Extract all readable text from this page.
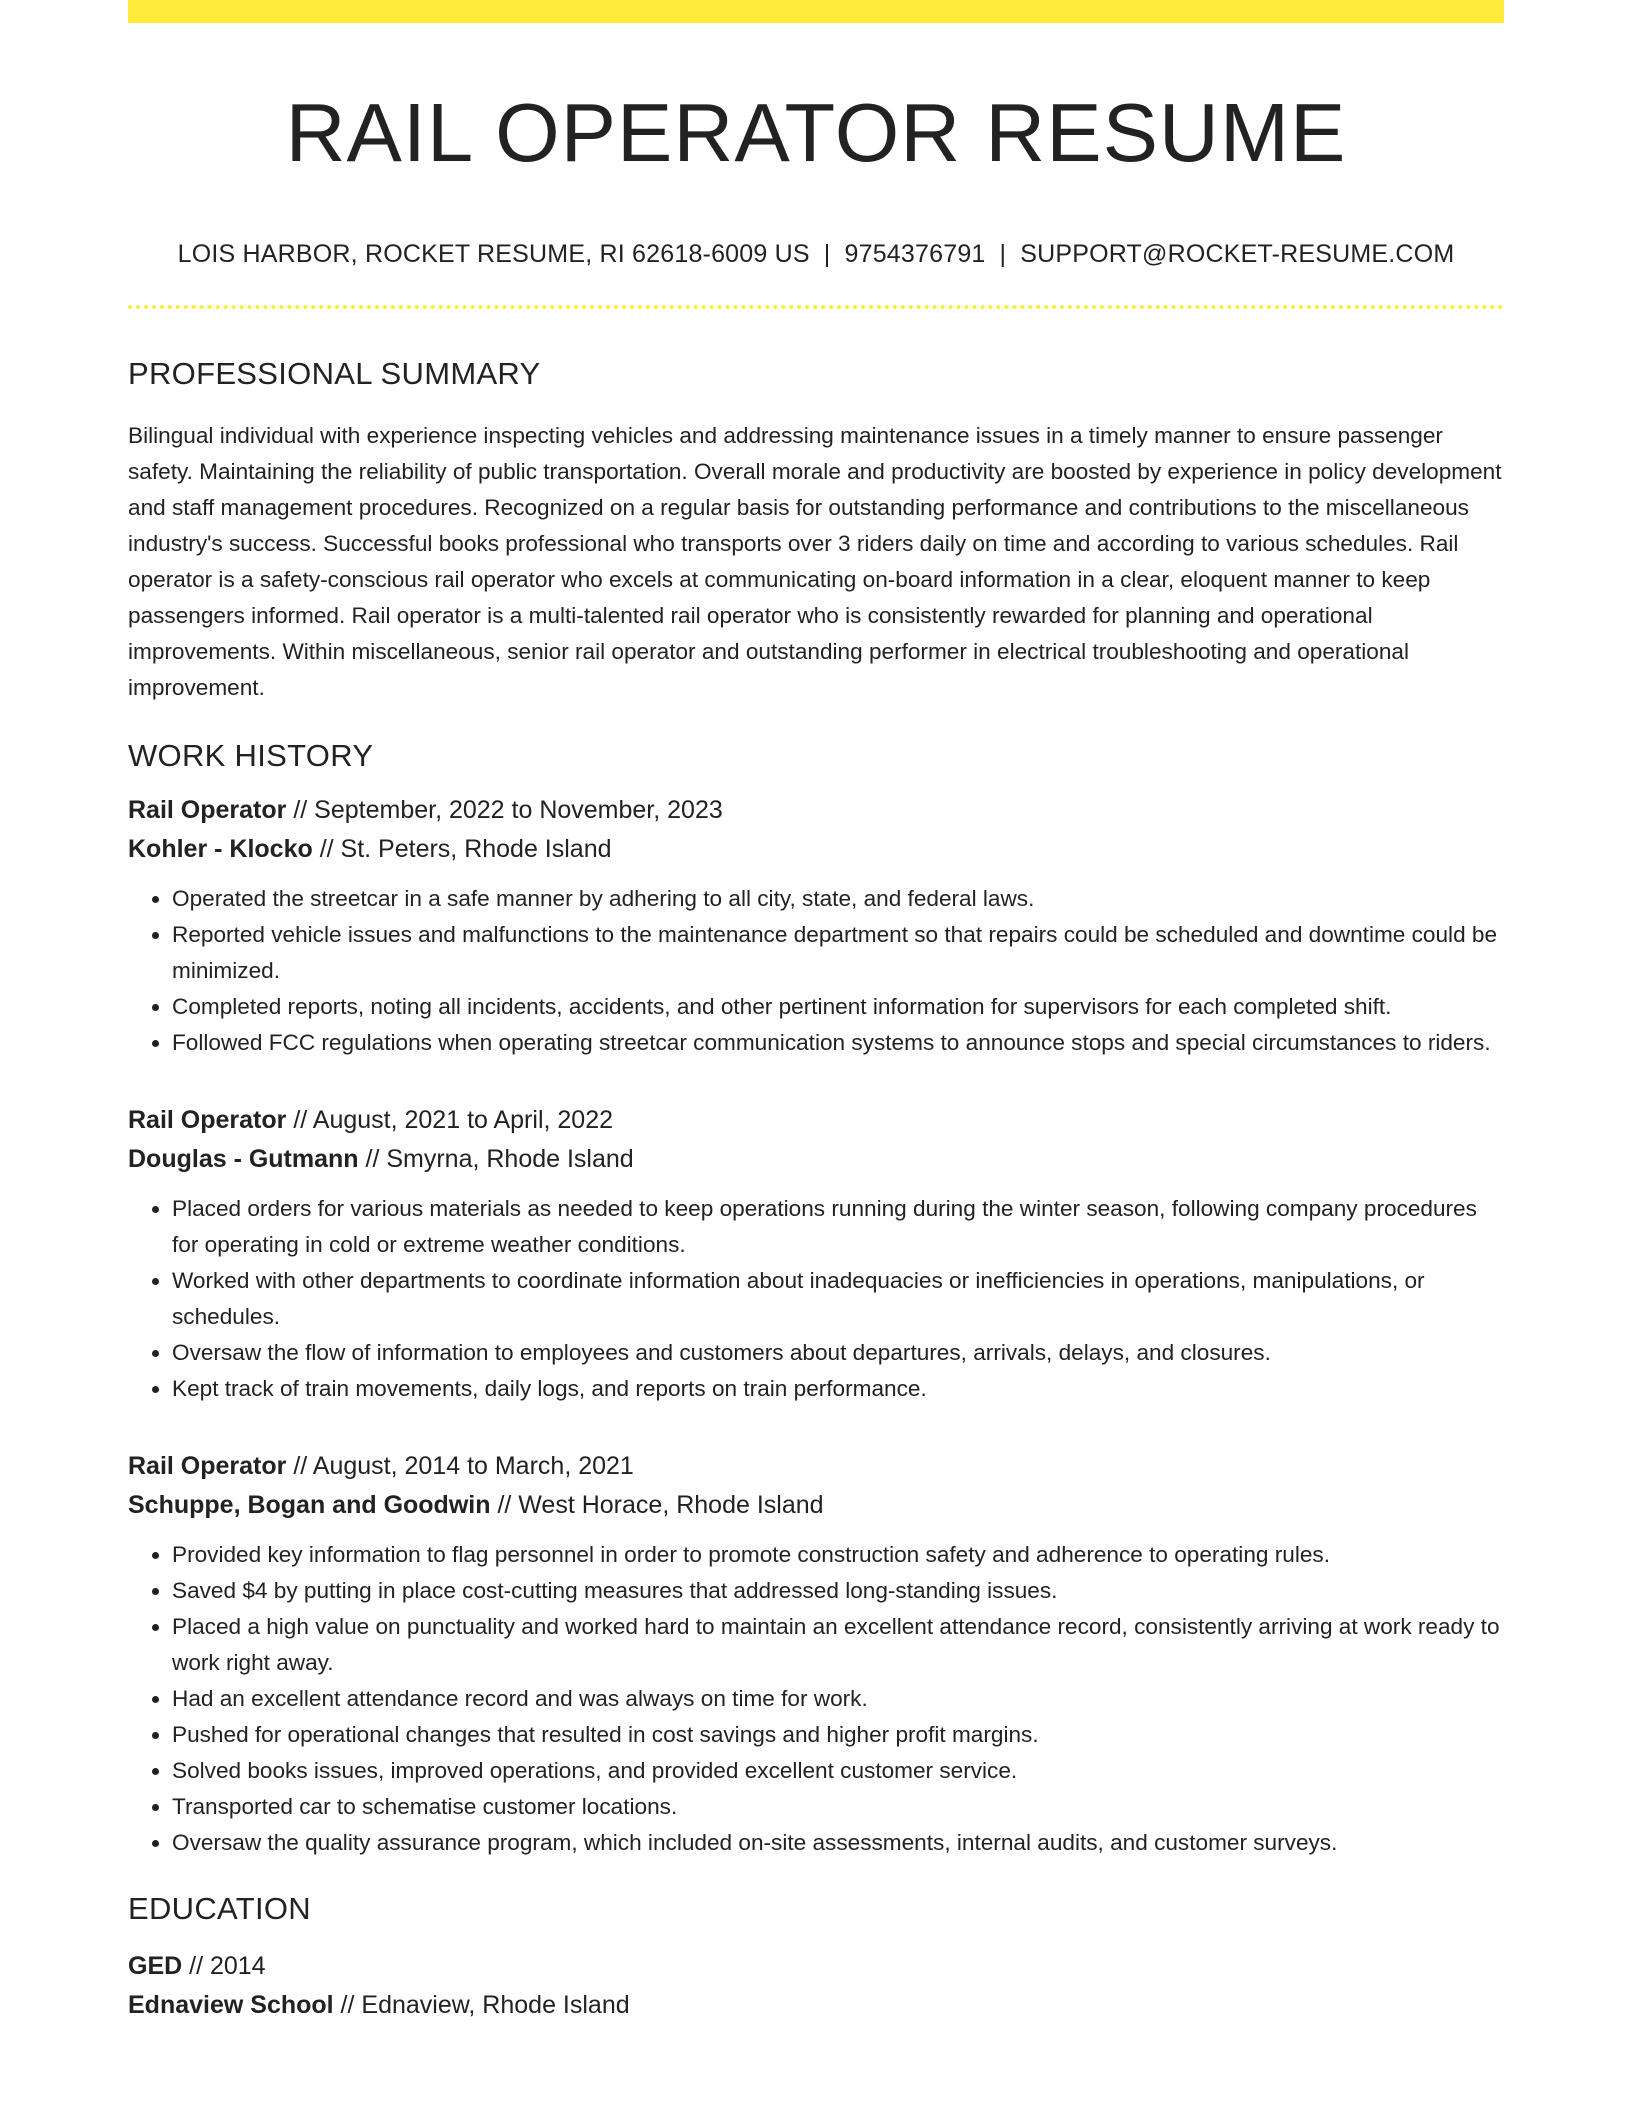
RAIL OPERATOR RESUME
LOIS HARBOR, ROCKET RESUME, RI 62618-6009 US | 9754376791 | SUPPORT@ROCKET-RESUME.COM
PROFESSIONAL SUMMARY
Bilingual individual with experience inspecting vehicles and addressing maintenance issues in a timely manner to ensure passenger safety. Maintaining the reliability of public transportation. Overall morale and productivity are boosted by experience in policy development and staff management procedures. Recognized on a regular basis for outstanding performance and contributions to the miscellaneous industry's success. Successful books professional who transports over 3 riders daily on time and according to various schedules. Rail operator is a safety-conscious rail operator who excels at communicating on-board information in a clear, eloquent manner to keep passengers informed. Rail operator is a multi-talented rail operator who is consistently rewarded for planning and operational improvements. Within miscellaneous, senior rail operator and outstanding performer in electrical troubleshooting and operational improvement.
WORK HISTORY
Rail Operator // September, 2022 to November, 2023
Kohler - Klocko // St. Peters, Rhode Island
• Operated the streetcar in a safe manner by adhering to all city, state, and federal laws.
• Reported vehicle issues and malfunctions to the maintenance department so that repairs could be scheduled and downtime could be minimized.
• Completed reports, noting all incidents, accidents, and other pertinent information for supervisors for each completed shift.
• Followed FCC regulations when operating streetcar communication systems to announce stops and special circumstances to riders.
Rail Operator // August, 2021 to April, 2022
Douglas - Gutmann // Smyrna, Rhode Island
• Placed orders for various materials as needed to keep operations running during the winter season, following company procedures for operating in cold or extreme weather conditions.
• Worked with other departments to coordinate information about inadequacies or inefficiencies in operations, manipulations, or schedules.
• Oversaw the flow of information to employees and customers about departures, arrivals, delays, and closures.
• Kept track of train movements, daily logs, and reports on train performance.
Rail Operator // August, 2014 to March, 2021
Schuppe, Bogan and Goodwin // West Horace, Rhode Island
• Provided key information to flag personnel in order to promote construction safety and adherence to operating rules.
• Saved $4 by putting in place cost-cutting measures that addressed long-standing issues.
• Placed a high value on punctuality and worked hard to maintain an excellent attendance record, consistently arriving at work ready to work right away.
• Had an excellent attendance record and was always on time for work.
• Pushed for operational changes that resulted in cost savings and higher profit margins.
• Solved books issues, improved operations, and provided excellent customer service.
• Transported car to schematise customer locations.
• Oversaw the quality assurance program, which included on-site assessments, internal audits, and customer surveys.
EDUCATION
GED // 2014
Ednaview School // Ednaview, Rhode Island
